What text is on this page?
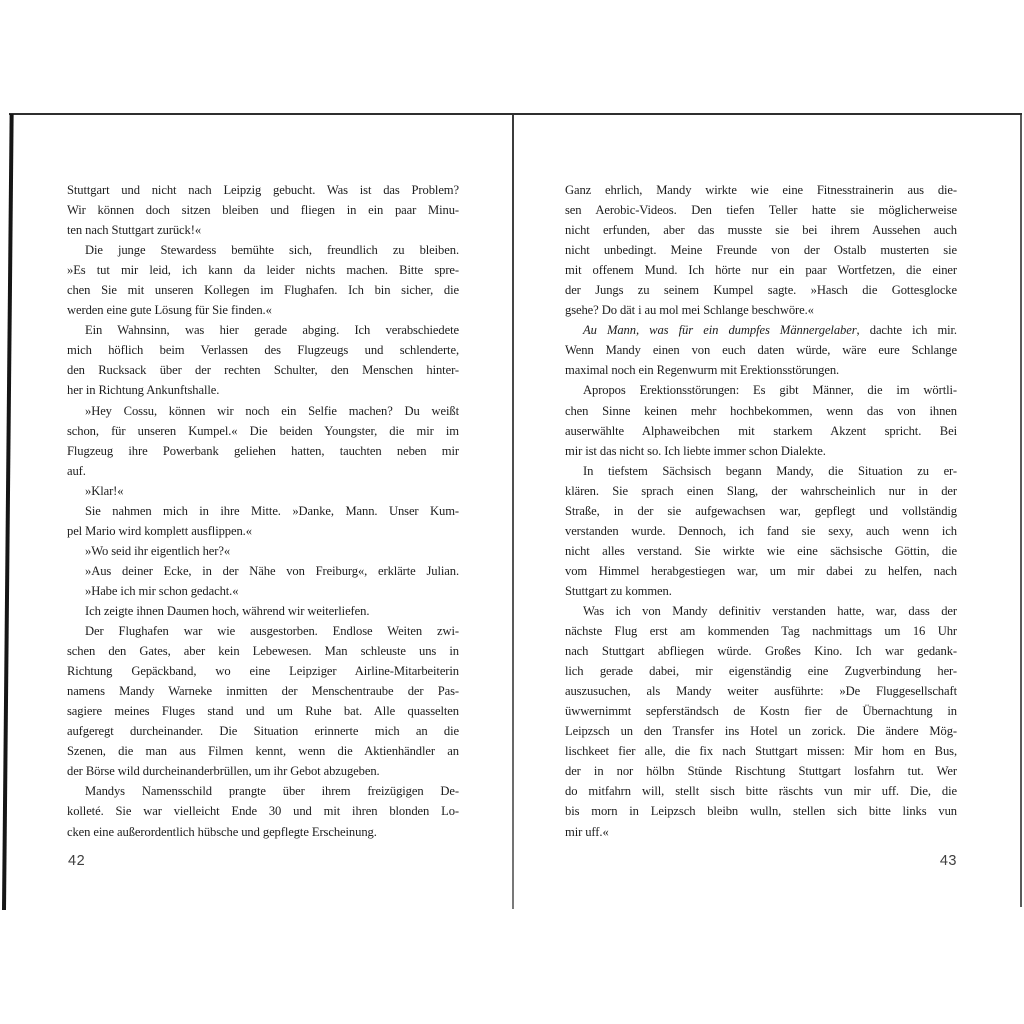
Stuttgart und nicht nach Leipzig gebucht. Was ist das Problem?
Wir können doch sitzen bleiben und fliegen in ein paar Minu-
ten nach Stuttgart zurück!«
Die junge Stewardess bemühte sich, freundlich zu bleiben.
»Es tut mir leid, ich kann da leider nichts machen. Bitte spre-
chen Sie mit unseren Kollegen im Flughafen. Ich bin sicher, die
werden eine gute Lösung für Sie finden.«
Ein Wahnsinn, was hier gerade abging. Ich verabschiedete
mich höflich beim Verlassen des Flugzeugs und schlenderte,
den Rucksack über der rechten Schulter, den Menschen hinter-
her in Richtung Ankunftshalle.
»Hey Cossu, können wir noch ein Selfie machen? Du weißt
schon, für unseren Kumpel.« Die beiden Youngster, die mir im
Flugzeug ihre Powerbank geliehen hatten, tauchten neben mir
auf.
»Klar!«
Sie nahmen mich in ihre Mitte. »Danke, Mann. Unser Kum-
pel Mario wird komplett ausflippen.«
»Wo seid ihr eigentlich her?«
»Aus deiner Ecke, in der Nähe von Freiburg«, erklärte Julian.
»Habe ich mir schon gedacht.«
Ich zeigte ihnen Daumen hoch, während wir weiterliefen.
Der Flughafen war wie ausgestorben. Endlose Weiten zwi-
schen den Gates, aber kein Lebewesen. Man schleuste uns in
Richtung Gepäckband, wo eine Leipziger Airline-Mitarbeiterin
namens Mandy Warneke inmitten der Menschentraube der Pas-
sagiere meines Fluges stand und um Ruhe bat. Alle quasselten
aufgeregt durcheinander. Die Situation erinnerte mich an die
Szenen, die man aus Filmen kennt, wenn die Aktienhändler an
der Börse wild durcheinanderbrüllen, um ihr Gebot abzugeben.
Mandys Namensschild prangte über ihrem freizügigen De-
kolleté. Sie war vielleicht Ende 30 und mit ihren blonden Lo-
cken eine außerordentlich hübsche und gepflegte Erscheinung.
42
Ganz ehrlich, Mandy wirkte wie eine Fitnesstrainerin aus die-
sen Aerobic-Videos. Den tiefen Teller hatte sie möglicherweise
nicht erfunden, aber das musste sie bei ihrem Aussehen auch
nicht unbedingt. Meine Freunde von der Ostalb musterten sie
mit offenem Mund. Ich hörte nur ein paar Wortfetzen, die einer
der Jungs zu seinem Kumpel sagte. »Hasch die Gottesglocke
gsehe? Do dät i au mol mei Schlange beschwöre.«
Au Mann, was für ein dumpfes Männergelaber, dachte ich mir.
Wenn Mandy einen von euch daten würde, wäre eure Schlange
maximal noch ein Regenwurm mit Erektionsstörungen.
Apropos Erektionsstörungen: Es gibt Männer, die im wörtli-
chen Sinne keinen mehr hochbekommen, wenn das von ihnen
auserwählte Alphaweibchen mit starkem Akzent spricht. Bei
mir ist das nicht so. Ich liebte immer schon Dialekte.
In tiefstem Sächsisch begann Mandy, die Situation zu er-
klären. Sie sprach einen Slang, der wahrscheinlich nur in der
Straße, in der sie aufgewachsen war, gepflegt und vollständig
verstanden wurde. Dennoch, ich fand sie sexy, auch wenn ich
nicht alles verstand. Sie wirkte wie eine sächsische Göttin, die
vom Himmel herabgestiegen war, um mir dabei zu helfen, nach
Stuttgart zu kommen.
Was ich von Mandy definitiv verstanden hatte, war, dass der
nächste Flug erst am kommenden Tag nachmittags um 16 Uhr
nach Stuttgart abfliegen würde. Großes Kino. Ich war gedank-
lich gerade dabei, mir eigenständig eine Zugverbindung her-
auszusuchen, als Mandy weiter ausführte: »De Fluggesellschaft
üwwernimmt sepferständsch de Kostn fier de Übernachtung in
Leipzsch un den Transfer ins Hotel un zorick. Die ändere Mög-
lischkeet fier alle, die fix nach Stuttgart missen: Mir hom en Bus,
der in nor hölbn Stünde Rischtung Stuttgart losfahrn tut. Wer
do mitfahrn will, stellt sisch bitte räschts vun mir uff. Die, die
bis morn in Leipzsch bleibn wulln, stellen sich bitte links vun
mir uff.«
43
